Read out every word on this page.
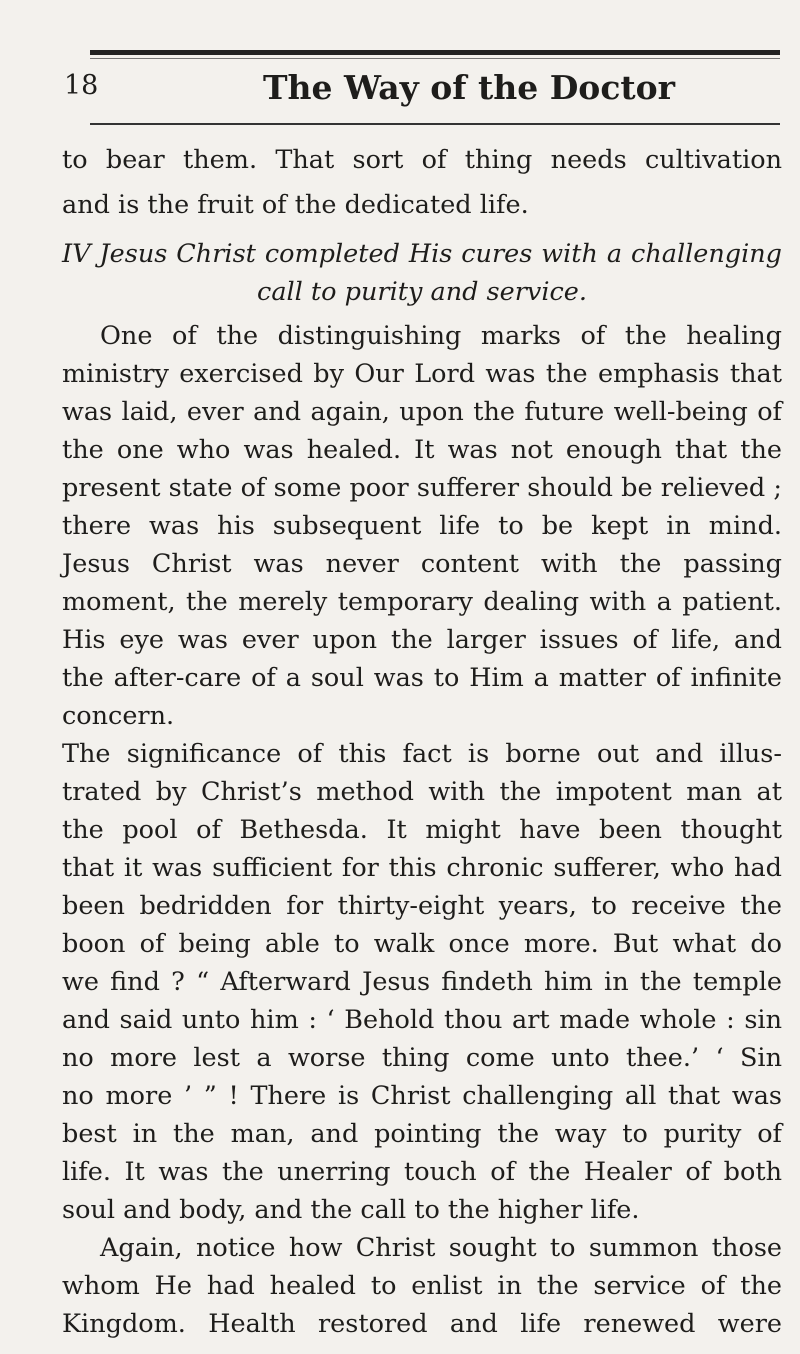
18	The Way of the Doctor
to bear them. That sort of thing needs cultivation
and is the fruit of the dedicated life.
IV Jesus Christ completed His cures with a challenging
call to purity and service.
One of the distinguishing marks of the healing
ministry exercised by Our Lord was the emphasis that
was laid, ever and again, upon the future well-being of
the one who was healed. It was not enough that the
present state of some poor sufferer should be relieved ;
there was his subsequent life to be kept in mind.
Jesus Christ was never content with the passing
moment, the merely temporary dealing with a patient.
His eye was ever upon the larger issues of life, and
the after-care of a soul was to Him a matter of infinite
concern.
The significance of this fact is borne out and illus-
trated by Christ’s method with the impotent man at
the pool of Bethesda. It might have been thought
that it was sufficient for this chronic sufferer, who had
been bedridden for thirty-eight years, to receive the
boon of being able to walk once more. But what do
we find ? “ Afterward Jesus findeth him in the temple
and said unto him : ‘ Behold thou art made whole : sin
no more lest a worse thing come unto thee.’ ‘ Sin
no more ’ ” ! There is Christ challenging all that was
best in the man, and pointing the way to purity of
life. It was the unerring touch of the Healer of both
soul and body, and the call to the higher life.
Again, notice how Christ sought to summon those
whom He had healed to enlist in the service of the
Kingdom. Health restored and life renewed were
